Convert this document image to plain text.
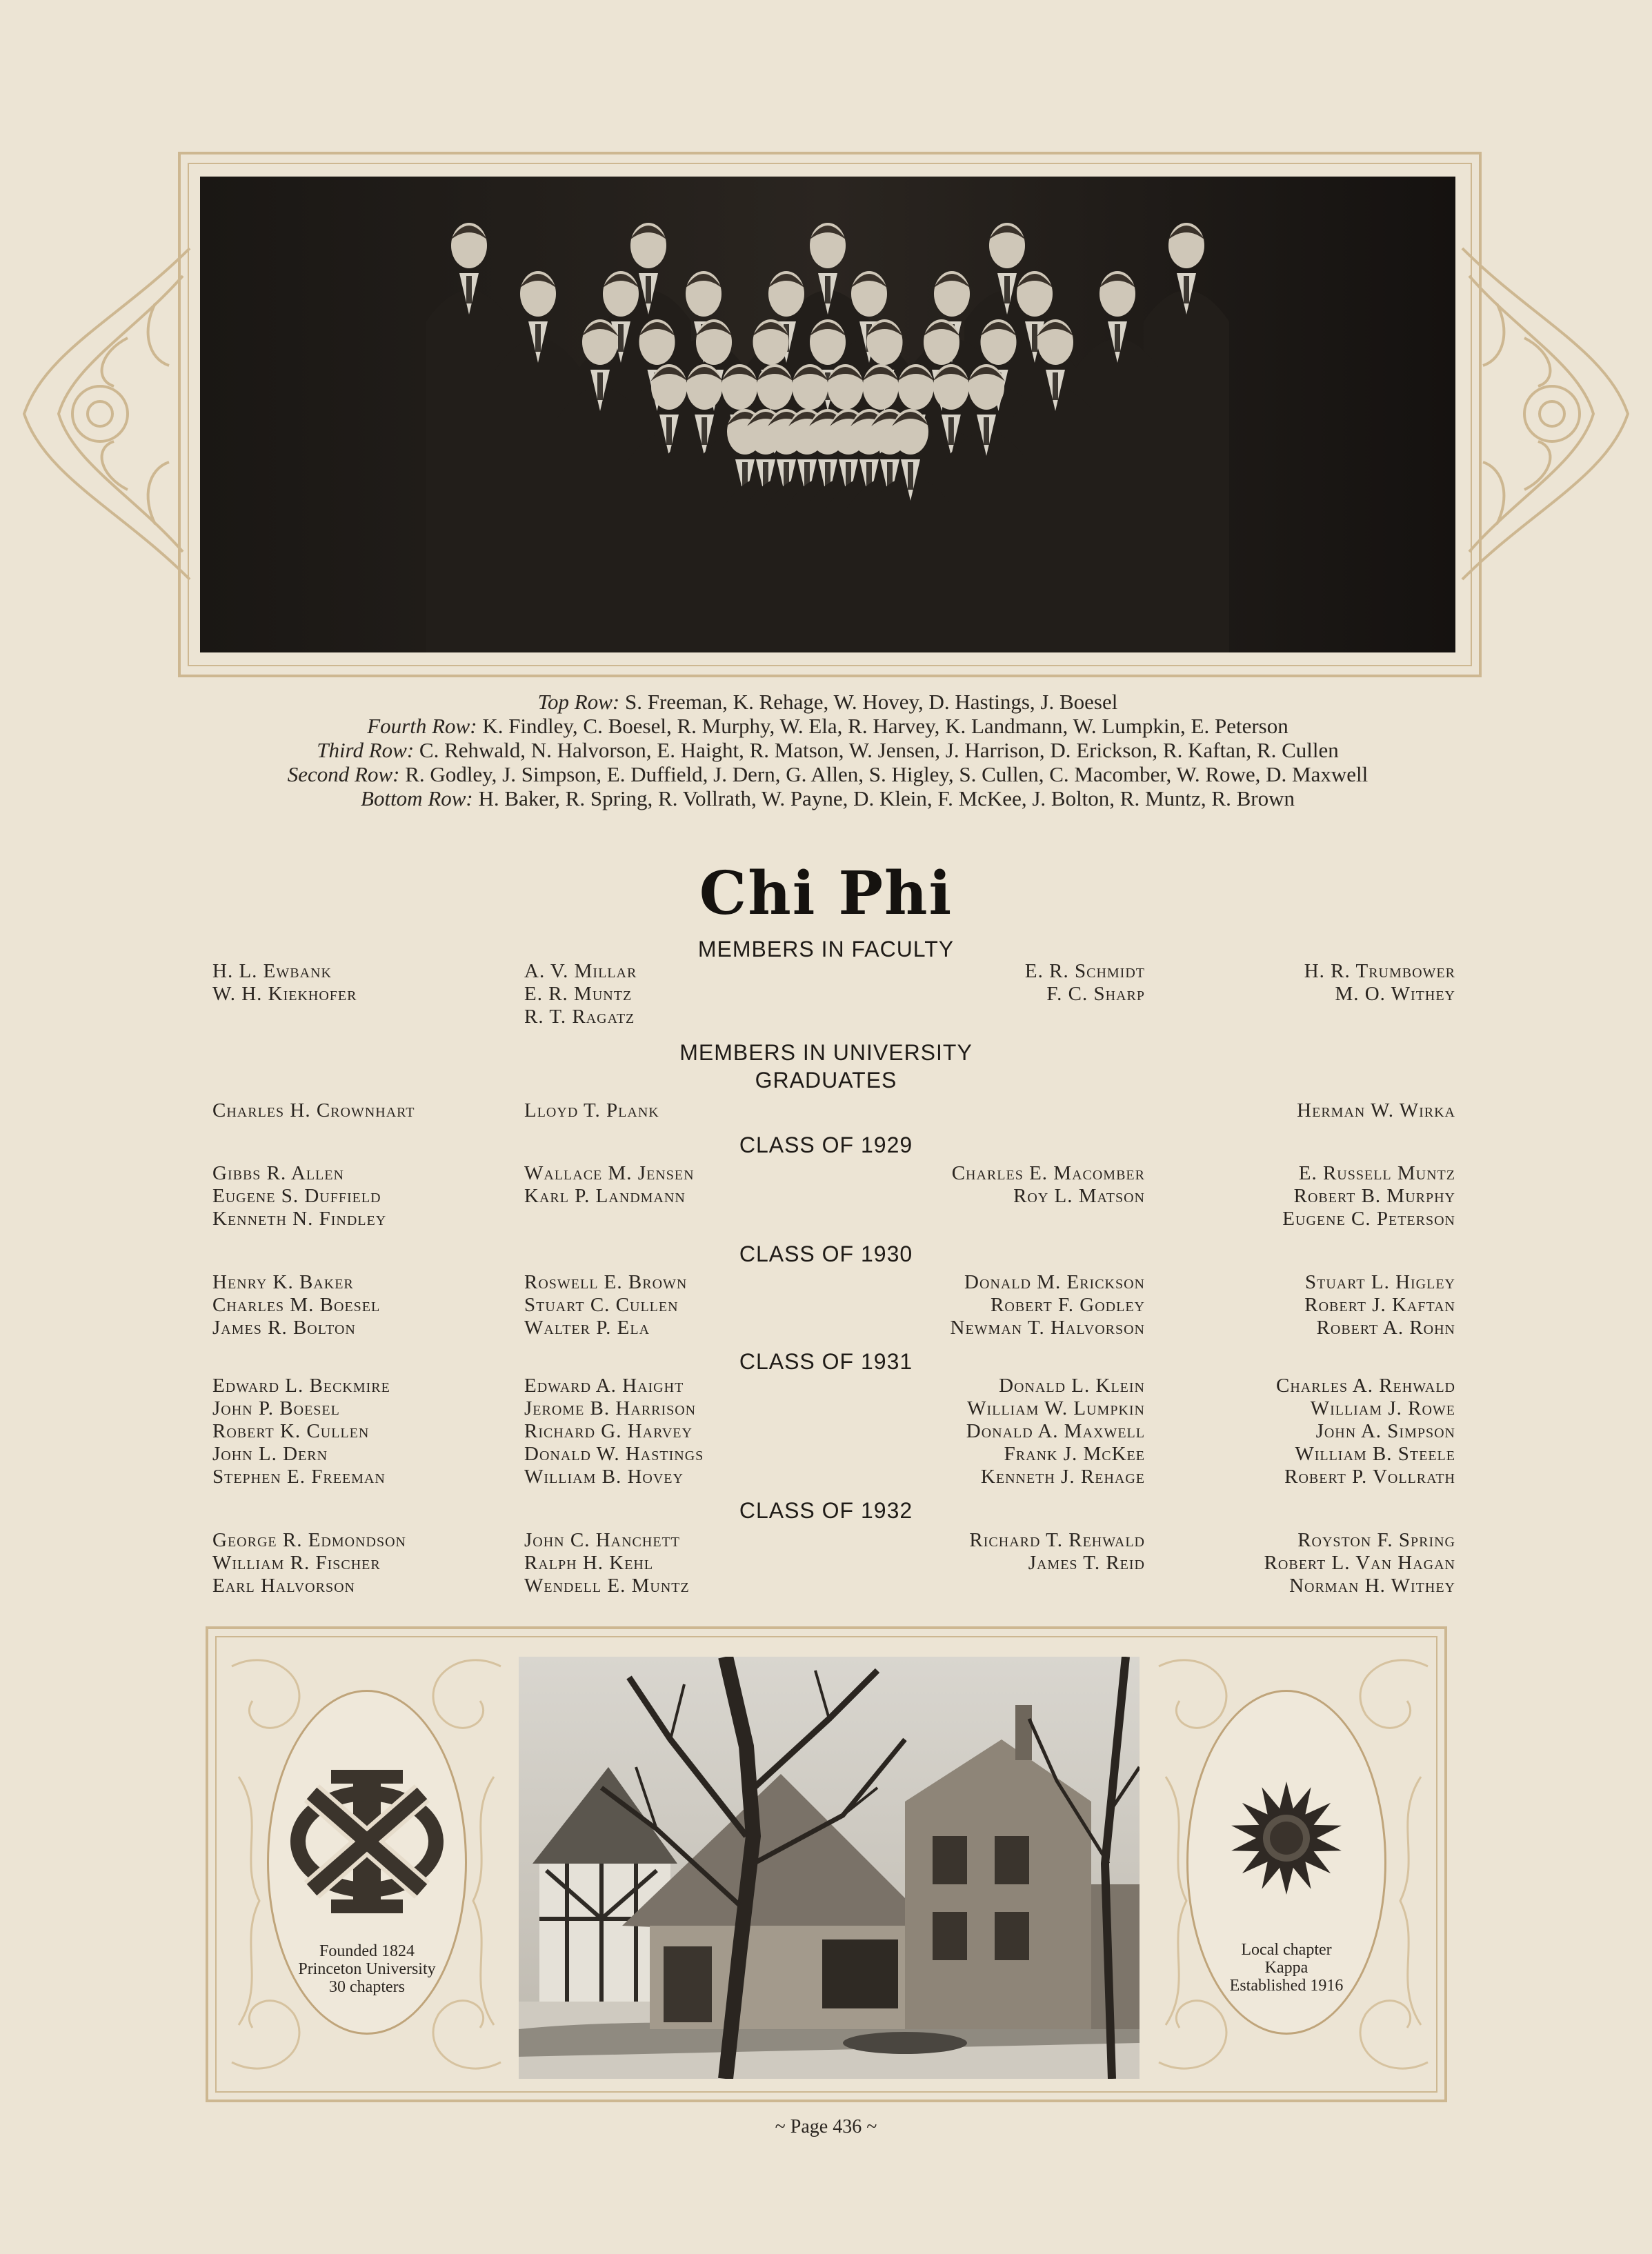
Top Row: S. Freeman, K. Rehage, W. Hovey, D. Hastings, J. Boesel
Fourth Row: K. Findley, C. Boesel, R. Murphy, W. Ela, R. Harvey, K. Landmann, W. Lumpkin, E. Peterson
Third Row: C. Rehwald, N. Halvorson, E. Haight, R. Matson, W. Jensen, J. Harrison, D. Erickson, R. Kaftan, R. Cullen
Second Row: R. Godley, J. Simpson, E. Duffield, J. Dern, G. Allen, S. Higley, S. Cullen, C. Macomber, W. Rowe, D. Maxwell
Bottom Row: H. Baker, R. Spring, R. Vollrath, W. Payne, D. Klein, F. McKee, J. Bolton, R. Muntz, R. Brown
Chi Phi
MEMBERS IN FACULTY
H. L. Ewbank
W. H. Kiekhofer
A. V. Millar
E. R. Muntz
R. T. Ragatz
E. R. Schmidt
F. C. Sharp
H. R. Trumbower
M. O. Withey
MEMBERS IN UNIVERSITY
GRADUATES
Charles H. Crownhart	Lloyd T. Plank	Herman W. Wirka
CLASS OF 1929
Gibbs R. Allen
Eugene S. Duffield
Kenneth N. Findley
Wallace M. Jensen
Karl P. Landmann
Charles E. Macomber
Roy L. Matson
E. Russell Muntz
Robert B. Murphy
Eugene C. Peterson
CLASS OF 1930
Henry K. Baker
Charles M. Boesel
James R. Bolton
Roswell E. Brown
Stuart C. Cullen
Walter P. Ela
Donald M. Erickson
Robert F. Godley
Newman T. Halvorson
Stuart L. Higley
Robert J. Kaftan
Robert A. Rohn
CLASS OF 1931
Edward L. Beckmire
John P. Boesel
Robert K. Cullen
John L. Dern
Stephen E. Freeman
Edward A. Haight
Jerome B. Harrison
Richard G. Harvey
Donald W. Hastings
William B. Hovey
Donald L. Klein
William W. Lumpkin
Donald A. Maxwell
Frank J. McKee
Kenneth J. Rehage
Charles A. Rehwald
William J. Rowe
John A. Simpson
William B. Steele
Robert P. Vollrath
CLASS OF 1932
George R. Edmondson
William R. Fischer
Earl Halvorson
John C. Hanchett
Ralph H. Kehl
Wendell E. Muntz
Richard T. Rehwald
James T. Reid
Royston F. Spring
Robert L. Van Hagan
Norman H. Withey
Founded 1824
Princeton University
30 chapters
Local chapter
Kappa
Established 1916
~ Page 436 ~
